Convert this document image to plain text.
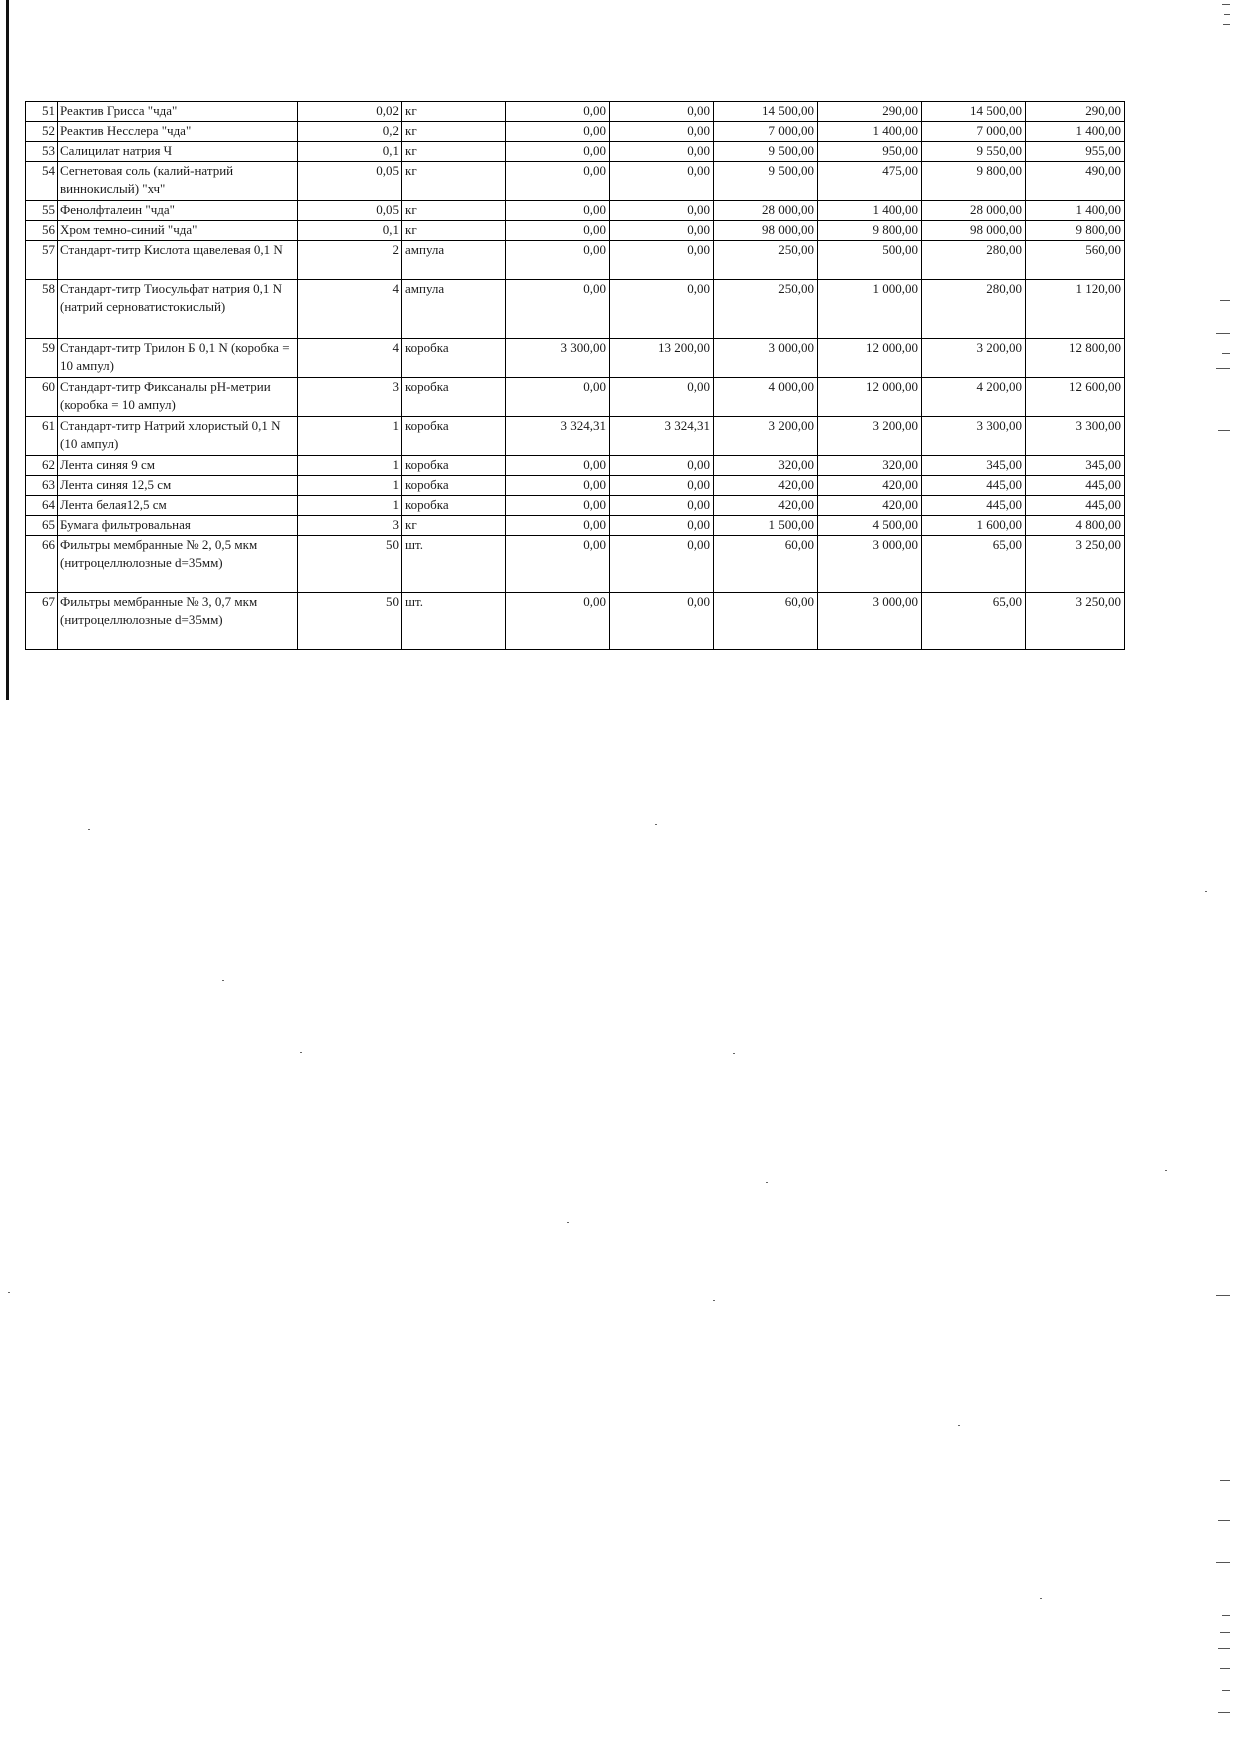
51	Реактив Грисса "чда"	0,02	кг	0,00	0,00	14 500,00	290,00	14 500,00	290,00
52	Реактив Несслера "чда"	0,2	кг	0,00	0,00	7 000,00	1 400,00	7 000,00	1 400,00
53	Салицилат натрия Ч	0,1	кг	0,00	0,00	9 500,00	950,00	9 550,00	955,00
54	Сегнетовая соль (калий-натрий виннокислый) "хч"	0,05	кг	0,00	0,00	9 500,00	475,00	9 800,00	490,00
55	Фенолфталеин "чда"	0,05	кг	0,00	0,00	28 000,00	1 400,00	28 000,00	1 400,00
56	Хром темно-синий "чда"	0,1	кг	0,00	0,00	98 000,00	9 800,00	98 000,00	9 800,00
57	Стандарт-титр Кислота щавелевая 0,1 N	2	ампула	0,00	0,00	250,00	500,00	280,00	560,00
58	Стандарт-титр Тиосульфат натрия 0,1 N (натрий серноватистокислый)	4	ампула	0,00	0,00	250,00	1 000,00	280,00	1 120,00
59	Стандарт-титр Трилон Б 0,1 N (коробка = 10 ампул)	4	коробка	3 300,00	13 200,00	3 000,00	12 000,00	3 200,00	12 800,00
60	Стандарт-титр Фиксаналы рН-метрии (коробка = 10 ампул)	3	коробка	0,00	0,00	4 000,00	12 000,00	4 200,00	12 600,00
61	Стандарт-титр Натрий хлористый 0,1 N (10 ампул)	1	коробка	3 324,31	3 324,31	3 200,00	3 200,00	3 300,00	3 300,00
62	Лента синяя 9 см	1	коробка	0,00	0,00	320,00	320,00	345,00	345,00
63	Лента синяя 12,5 см	1	коробка	0,00	0,00	420,00	420,00	445,00	445,00
64	Лента белая12,5 см	1	коробка	0,00	0,00	420,00	420,00	445,00	445,00
65	Бумага фильтровальная	3	кг	0,00	0,00	1 500,00	4 500,00	1 600,00	4 800,00
66	Фильтры мембранные № 2, 0,5 мкм (нитроцеллюлозные d=35мм)	50	шт.	0,00	0,00	60,00	3 000,00	65,00	3 250,00
67	Фильтры мембранные № 3, 0,7 мкм (нитроцеллюлозные d=35мм)	50	шт.	0,00	0,00	60,00	3 000,00	65,00	3 250,00
